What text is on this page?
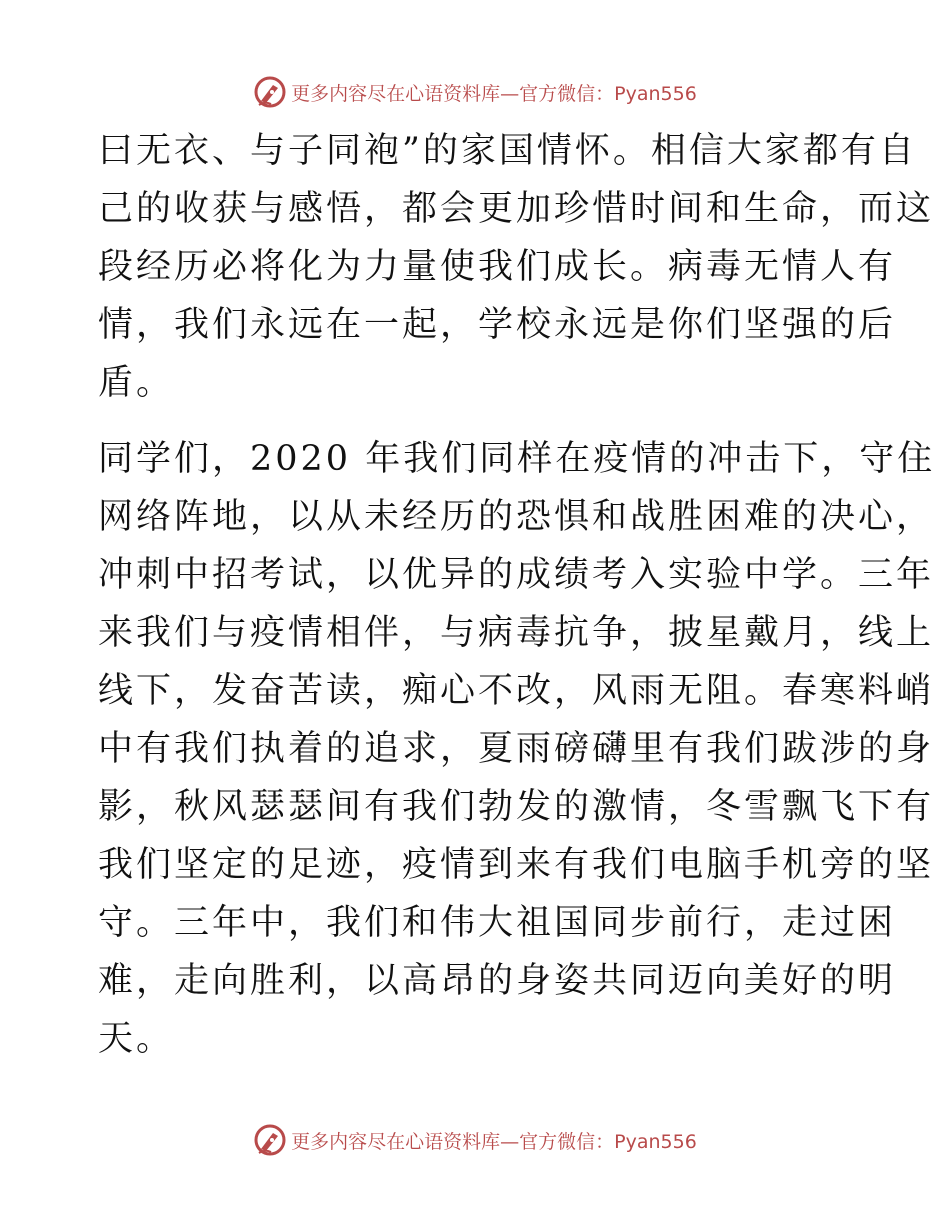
更多内容尽在心语资料库—官方微信：Pyan556
曰无衣、与子同袍”的家国情怀。相信大家都有自
己的收获与感悟，都会更加珍惜时间和生命，而这
段经历必将化为力量使我们成长。病毒无情人有
情，我们永远在一起，学校永远是你们坚强的后
盾。
同学们，2020 年我们同样在疫情的冲击下，守住
网络阵地，以从未经历的恐惧和战胜困难的决心，
冲刺中招考试，以优异的成绩考入实验中学。三年
来我们与疫情相伴，与病毒抗争，披星戴月，线上
线下，发奋苦读，痴心不改，风雨无阻。春寒料峭
中有我们执着的追求，夏雨磅礴里有我们跋涉的身
影，秋风瑟瑟间有我们勃发的激情，冬雪飘飞下有
我们坚定的足迹，疫情到来有我们电脑手机旁的坚
守。三年中，我们和伟大祖国同步前行，走过困
难，走向胜利，以高昂的身姿共同迈向美好的明
天。
更多内容尽在心语资料库—官方微信：Pyan556
